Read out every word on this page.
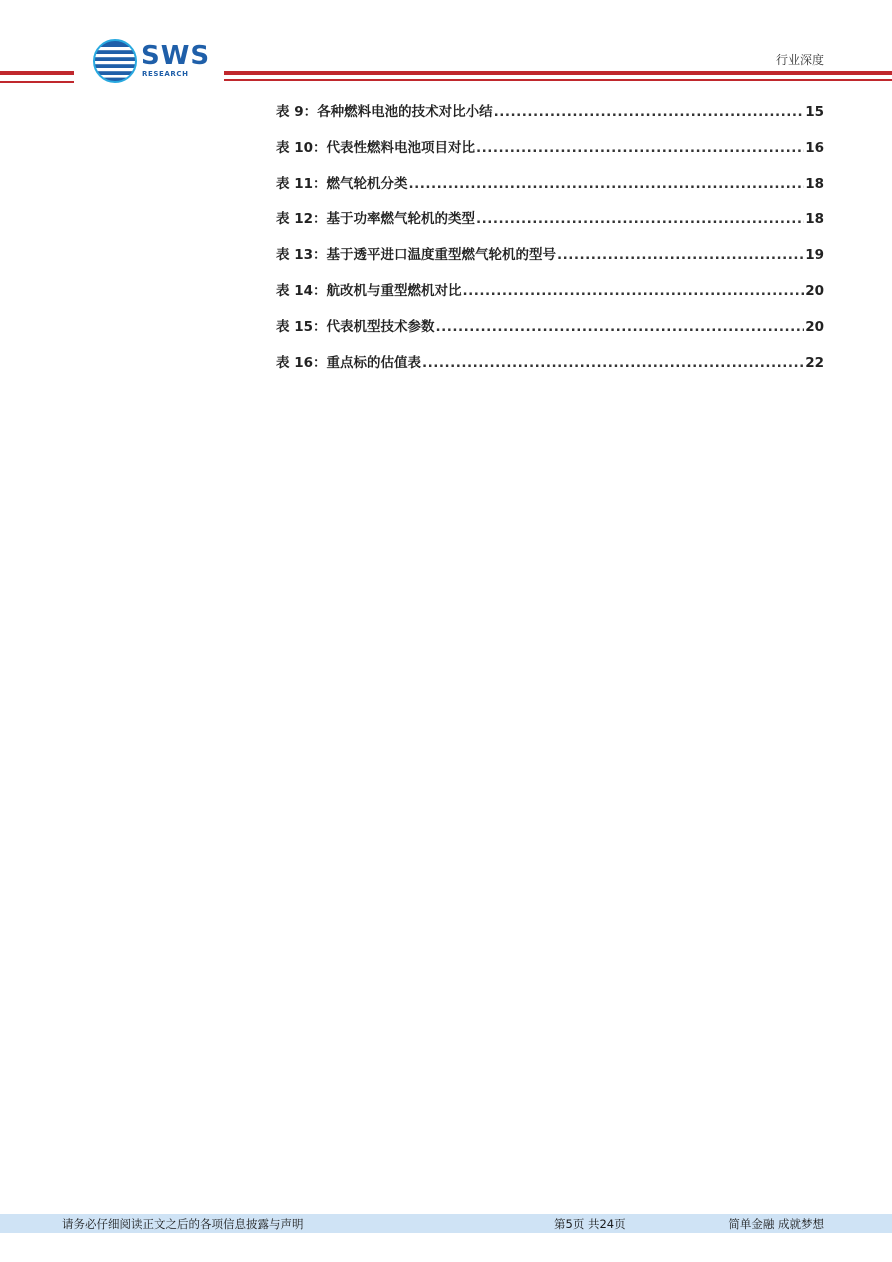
SWS
RESEARCH
行业深度
表 9：各种燃料电池的技术对比小结 .....	15
表 10：代表性燃料电池项目对比 .....	16
表 11：燃气轮机分类 .....	18
表 12：基于功率燃气轮机的类型 .....	18
表 13：基于透平进口温度重型燃气轮机的型号 .....	19
表 14：航改机与重型燃机对比 .....	20
表 15：代表机型技术参数 .....	20
表 16：重点标的估值表 .....	22
请务必仔细阅读正文之后的各项信息披露与声明	第5页 共24页	简单金融 成就梦想
